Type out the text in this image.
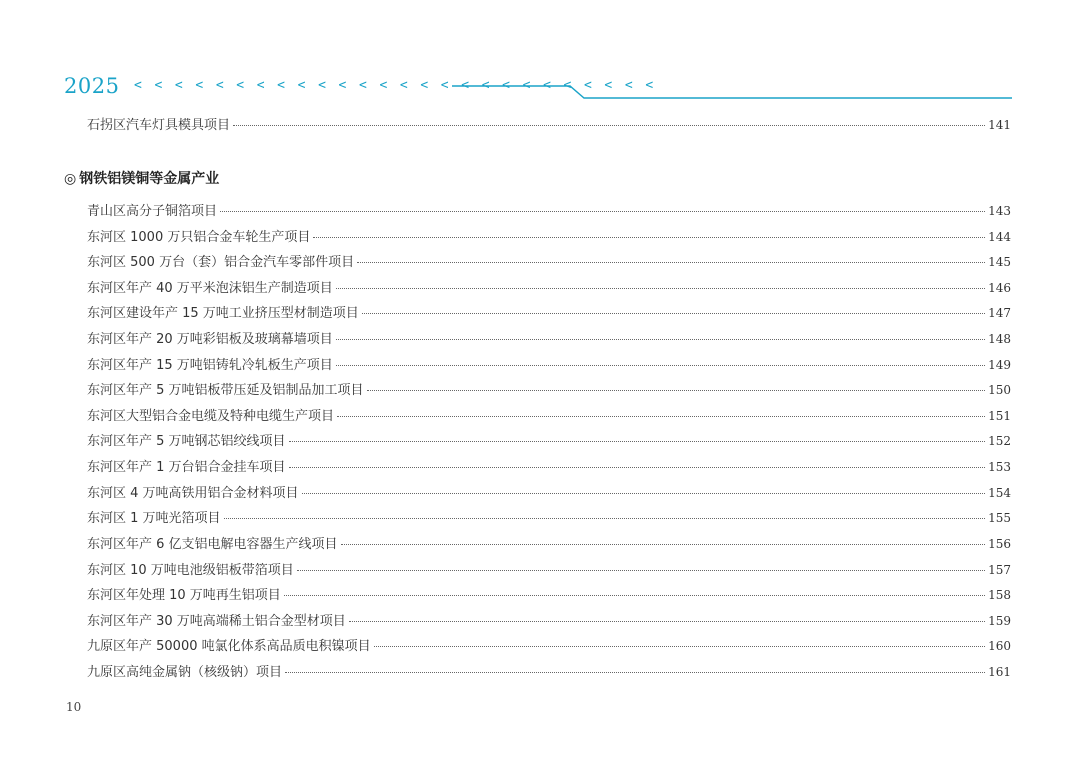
2025 < < < < < < < < < < < < < < < < < < < < < < < < < <
石拐区汽车灯具模具项目	141
◎ 钢铁铝镁铜等金属产业
青山区高分子铜箔项目	143
东河区 1000 万只铝合金车轮生产项目	144
东河区 500 万台（套）铝合金汽车零部件项目	145
东河区年产 40 万平米泡沫铝生产制造项目	146
东河区建设年产 15 万吨工业挤压型材制造项目	147
东河区年产 20 万吨彩铝板及玻璃幕墙项目	148
东河区年产 15 万吨铝铸轧冷轧板生产项目	149
东河区年产 5 万吨铝板带压延及铝制品加工项目	150
东河区大型铝合金电缆及特种电缆生产项目	151
东河区年产 5 万吨钢芯铝绞线项目	152
东河区年产 1 万台铝合金挂车项目	153
东河区 4 万吨高铁用铝合金材料项目	154
东河区 1 万吨光箔项目	155
东河区年产 6 亿支铝电解电容器生产线项目	156
东河区 10 万吨电池级铝板带箔项目	157
东河区年处理 10 万吨再生铝项目	158
东河区年产 30 万吨高端稀土铝合金型材项目	159
九原区年产 50000 吨氯化体系高品质电积镍项目	160
九原区高纯金属钠（核级钠）项目	161
10
